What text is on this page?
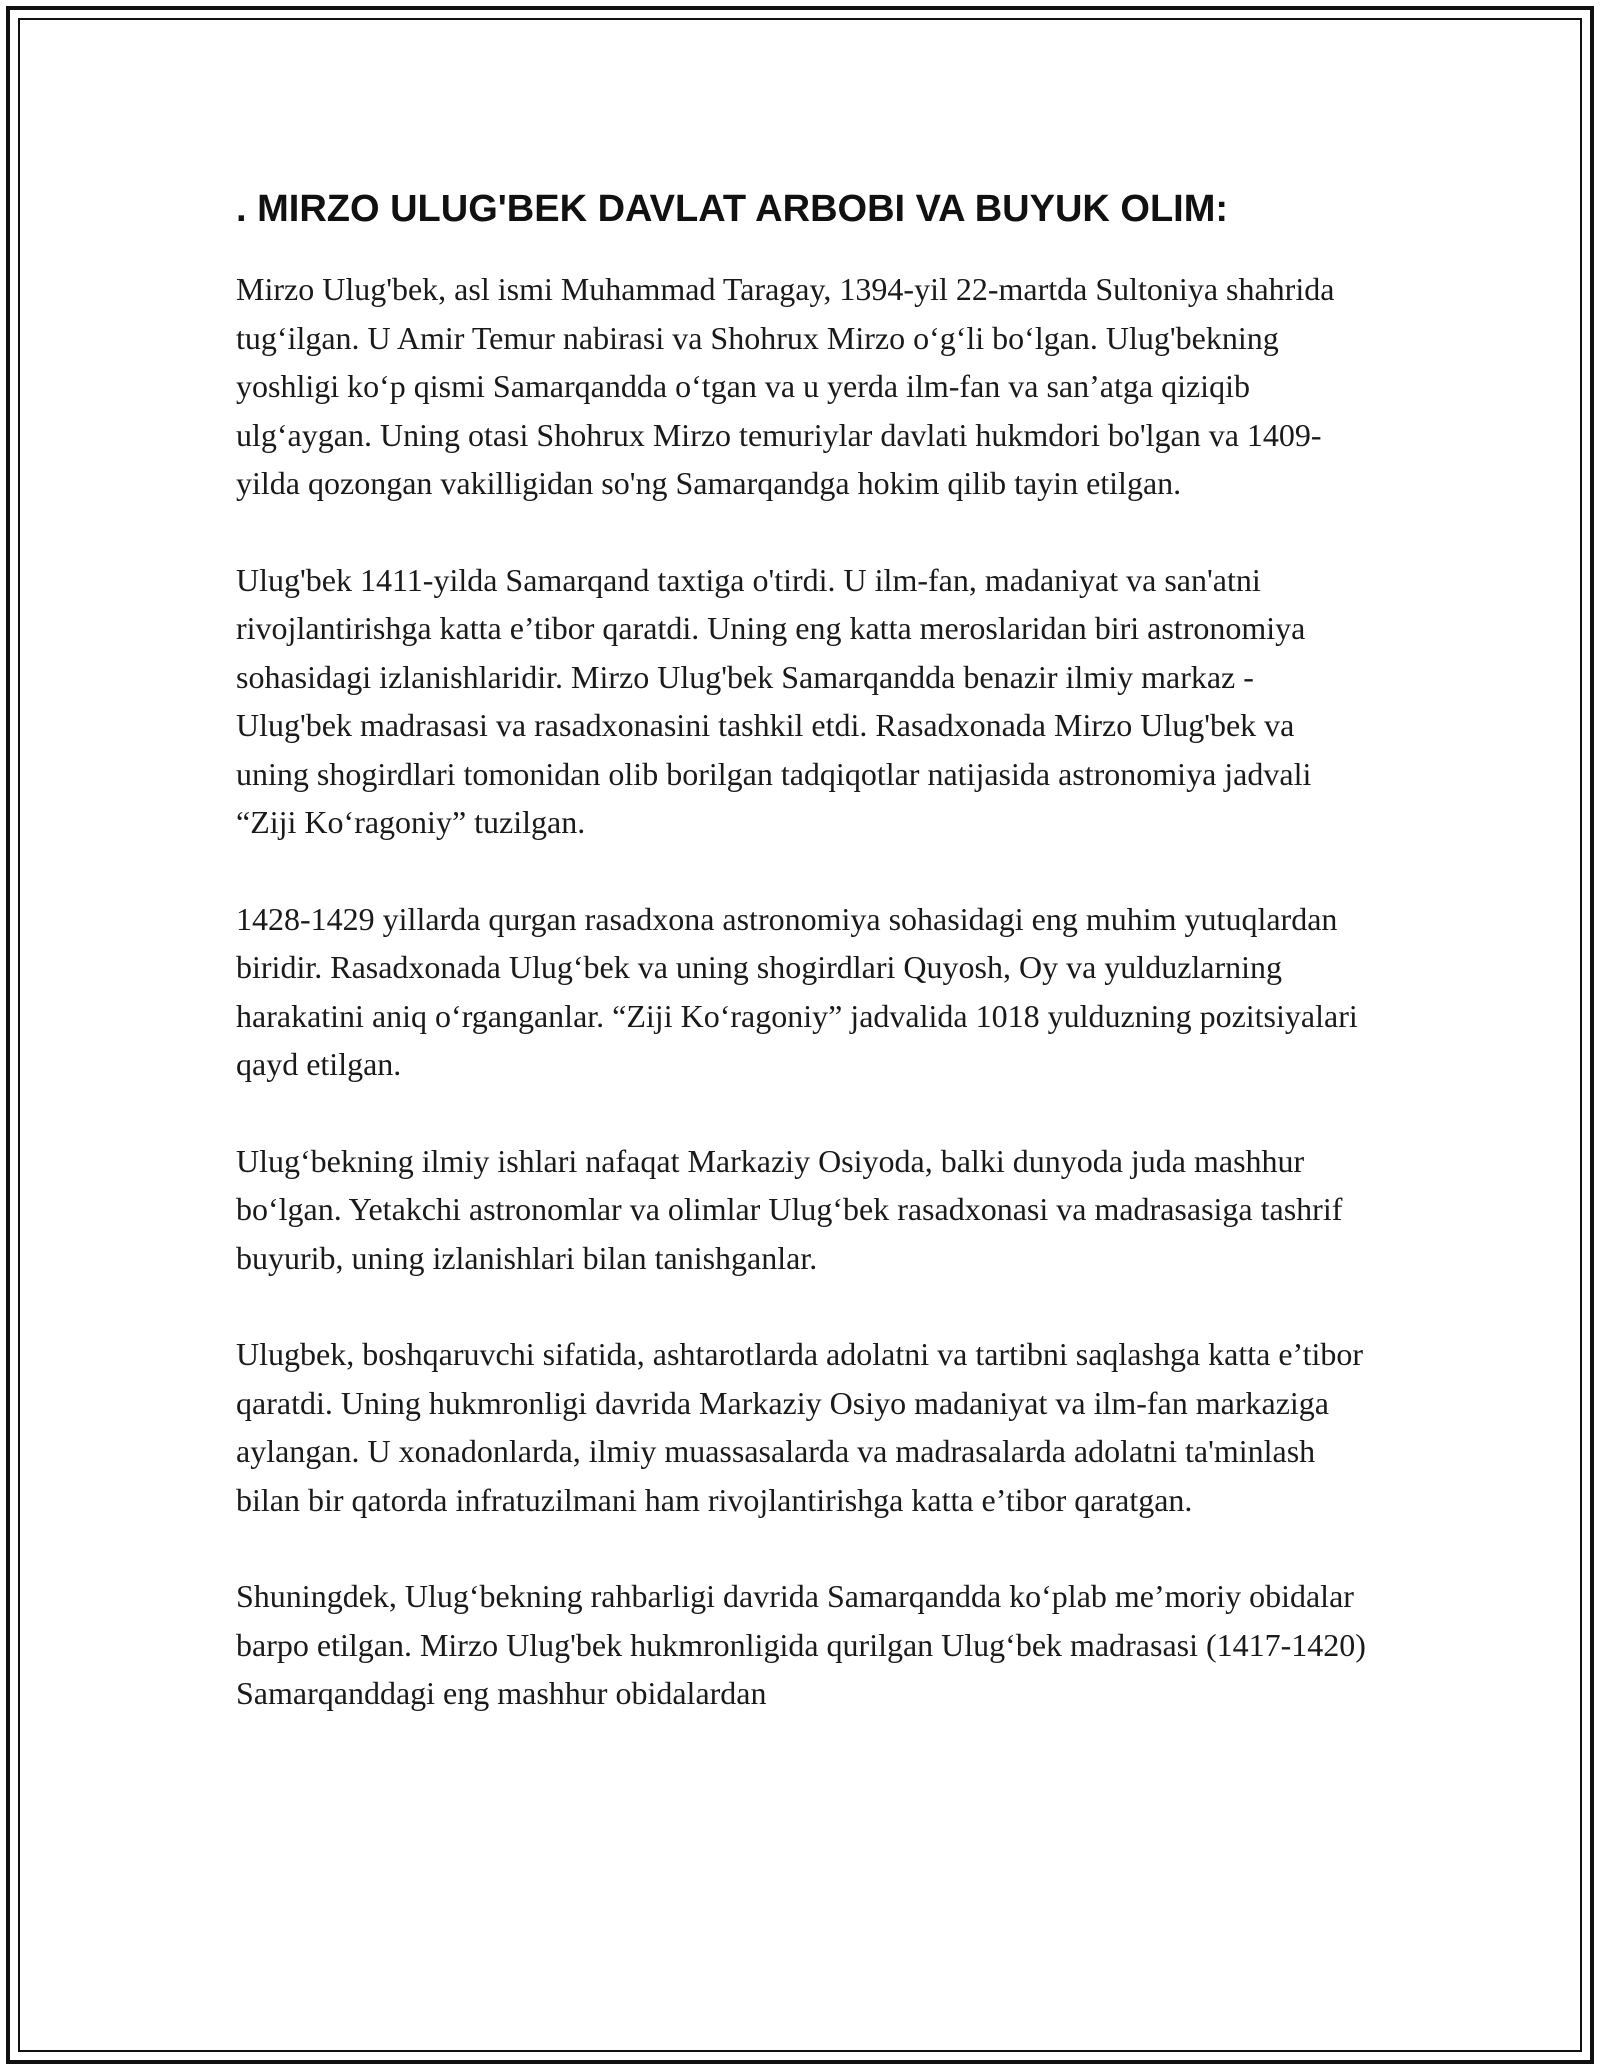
. MIRZO ULUG'BEK DAVLAT ARBOBI VA BUYUK OLIM:

Mirzo Ulug'bek, asl ismi Muhammad Taragay, 1394-yil 22-martda Sultoniya shahrida tug‘ilgan. U Amir Temur nabirasi va Shohrux Mirzo o‘g‘li bo‘lgan. Ulug'bekning yoshligi ko‘p qismi Samarqandda o‘tgan va u yerda ilm-fan va san’atga qiziqib ulg‘aygan. Uning otasi Shohrux Mirzo temuriylar davlati hukmdori bo'lgan va 1409-yilda qozongan vakilligidan so'ng Samarqandga hokim qilib tayin etilgan.

Ulug'bek 1411-yilda Samarqand taxtiga o'tirdi. U ilm-fan, madaniyat va san'atni rivojlantirishga katta e’tibor qaratdi. Uning eng katta meroslaridan biri astronomiya sohasidagi izlanishlaridir. Mirzo Ulug'bek Samarqandda benazir ilmiy markaz - Ulug'bek madrasasi va rasadxonasini tashkil etdi. Rasadxonada Mirzo Ulug'bek va uning shogirdlari tomonidan olib borilgan tadqiqotlar natijasida astronomiya jadvali “Ziji Ko‘ragoniy” tuzilgan.

1428-1429 yillarda qurgan rasadxona astronomiya sohasidagi eng muhim yutuqlardan biridir. Rasadxonada Ulug‘bek va uning shogirdlari Quyosh, Oy va yulduzlarning harakatini aniq o‘rganganlar. “Ziji Ko‘ragoniy” jadvalida 1018 yulduzning pozitsiyalari qayd etilgan.

Ulug‘bekning ilmiy ishlari nafaqat Markaziy Osiyoda, balki dunyoda juda mashhur bo‘lgan. Yetakchi astronomlar va olimlar Ulug‘bek rasadxonasi va madrasasiga tashrif buyurib, uning izlanishlari bilan tanishganlar.

Ulugbek, boshqaruvchi sifatida, ashtarotlarda adolatni va tartibni saqlashga katta e’tibor qaratdi. Uning hukmronligi davrida Markaziy Osiyo madaniyat va ilm-fan markaziga aylangan. U xonadonlarda, ilmiy muassasalarda va madrasalarda adolatni ta'minlash bilan bir qatorda infratuzilmani ham rivojlantirishga katta e’tibor qaratgan.

Shuningdek, Ulug‘bekning rahbarligi davrida Samarqandda ko‘plab me’moriy obidalar barpo etilgan. Mirzo Ulug'bek hukmronligida qurilgan Ulug‘bek madrasasi (1417-1420) Samarqanddagi eng mashhur obidalardan
